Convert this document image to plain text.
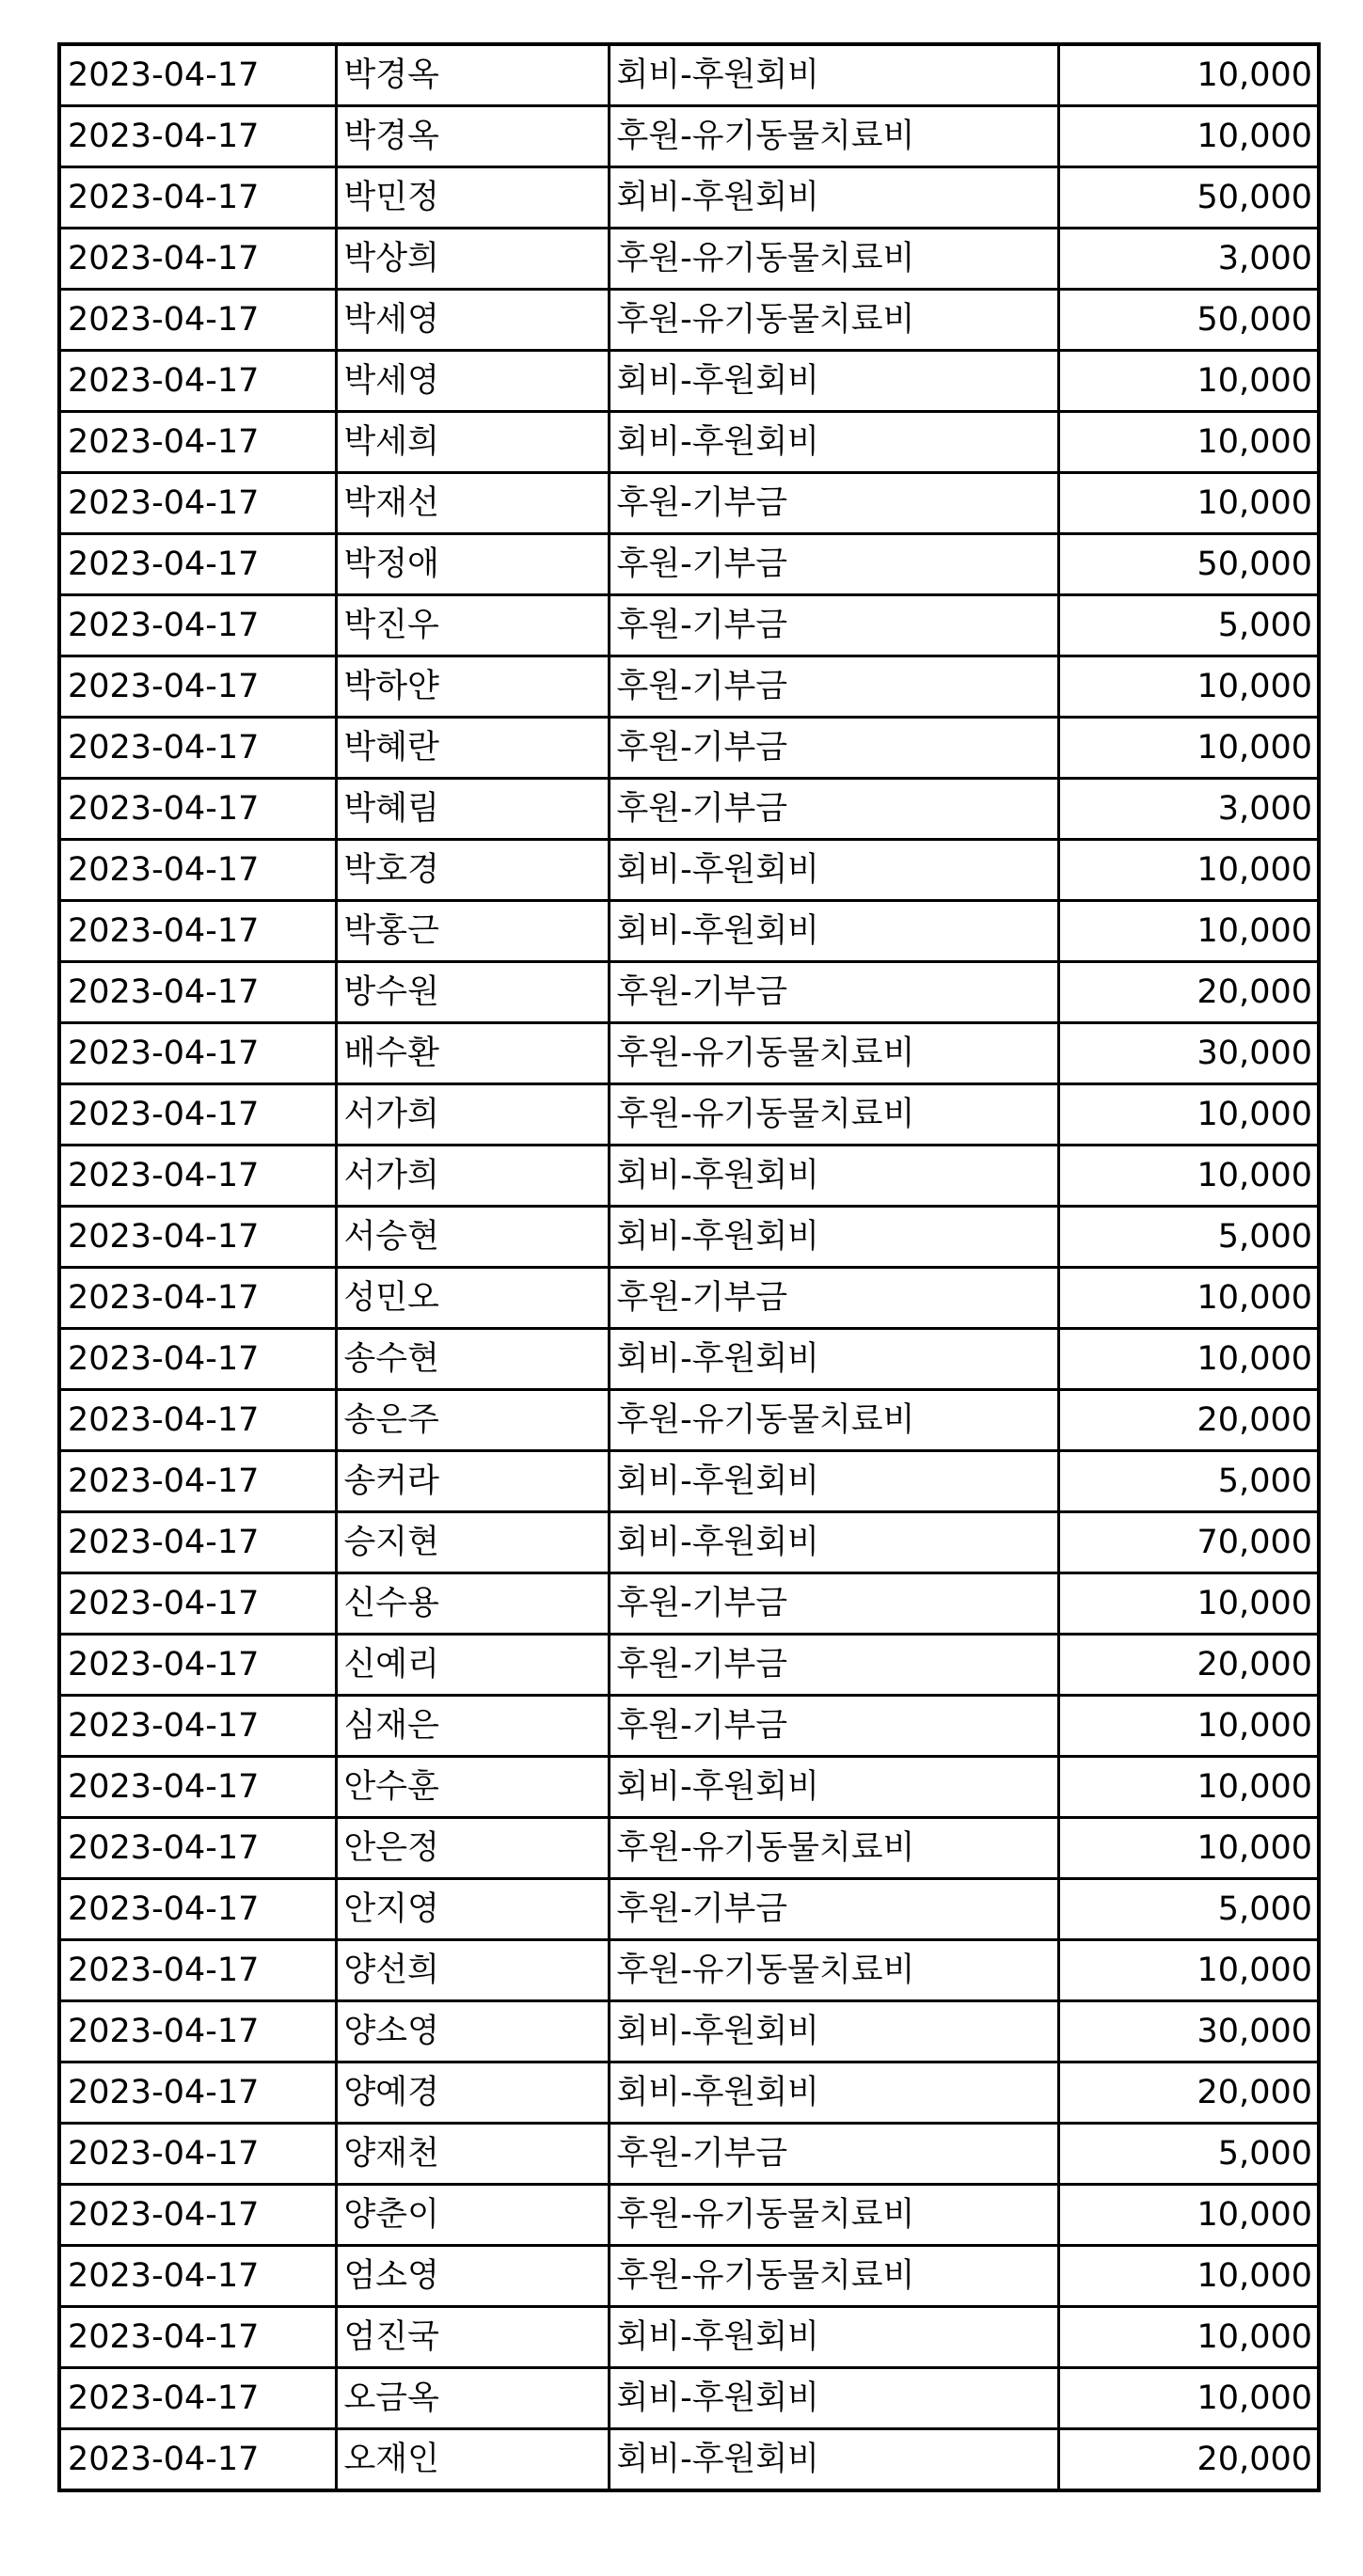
2023-04-17	박경옥	회비-후원회비	10,000
2023-04-17	박경옥	후원-유기동물치료비	10,000
2023-04-17	박민정	회비-후원회비	50,000
2023-04-17	박상희	후원-유기동물치료비	3,000
2023-04-17	박세영	후원-유기동물치료비	50,000
2023-04-17	박세영	회비-후원회비	10,000
2023-04-17	박세희	회비-후원회비	10,000
2023-04-17	박재선	후원-기부금	10,000
2023-04-17	박정애	후원-기부금	50,000
2023-04-17	박진우	후원-기부금	5,000
2023-04-17	박하얀	후원-기부금	10,000
2023-04-17	박혜란	후원-기부금	10,000
2023-04-17	박혜림	후원-기부금	3,000
2023-04-17	박호경	회비-후원회비	10,000
2023-04-17	박홍근	회비-후원회비	10,000
2023-04-17	방수원	후원-기부금	20,000
2023-04-17	배수환	후원-유기동물치료비	30,000
2023-04-17	서가희	후원-유기동물치료비	10,000
2023-04-17	서가희	회비-후원회비	10,000
2023-04-17	서승현	회비-후원회비	5,000
2023-04-17	성민오	후원-기부금	10,000
2023-04-17	송수현	회비-후원회비	10,000
2023-04-17	송은주	후원-유기동물치료비	20,000
2023-04-17	송커라	회비-후원회비	5,000
2023-04-17	승지현	회비-후원회비	70,000
2023-04-17	신수용	후원-기부금	10,000
2023-04-17	신예리	후원-기부금	20,000
2023-04-17	심재은	후원-기부금	10,000
2023-04-17	안수훈	회비-후원회비	10,000
2023-04-17	안은정	후원-유기동물치료비	10,000
2023-04-17	안지영	후원-기부금	5,000
2023-04-17	양선희	후원-유기동물치료비	10,000
2023-04-17	양소영	회비-후원회비	30,000
2023-04-17	양예경	회비-후원회비	20,000
2023-04-17	양재천	후원-기부금	5,000
2023-04-17	양춘이	후원-유기동물치료비	10,000
2023-04-17	엄소영	후원-유기동물치료비	10,000
2023-04-17	엄진국	회비-후원회비	10,000
2023-04-17	오금옥	회비-후원회비	10,000
2023-04-17	오재인	회비-후원회비	20,000
